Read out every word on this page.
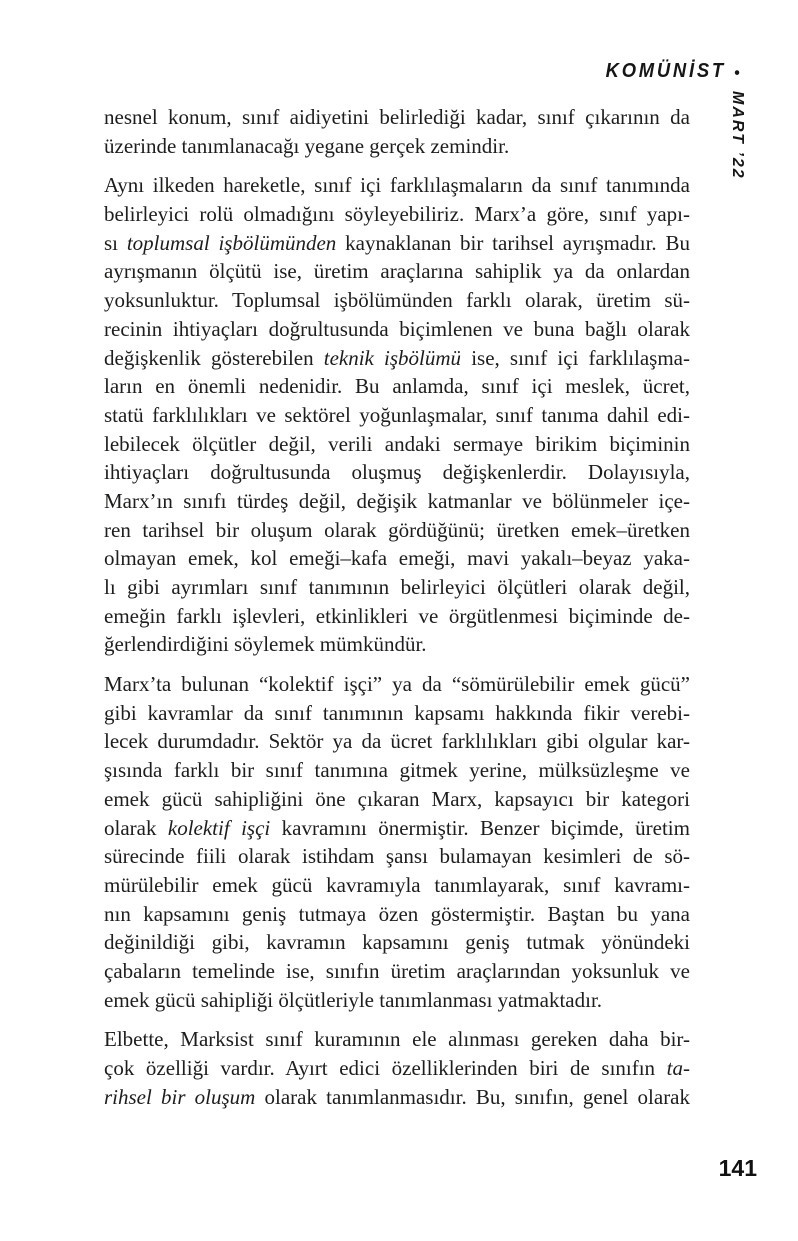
KOMÜNİST •
MART ’22
nesnel konum, sınıf aidiyetini belirlediği kadar, sınıf çıkarının da
üzerinde tanımlanacağı yegane gerçek zemindir.
Aynı ilkeden hareketle, sınıf içi farklılaşmaların da sınıf tanımında
belirleyici rolü olmadığını söyleyebiliriz. Marx’a göre, sınıf yapı-
sı toplumsal işbölümünden kaynaklanan bir tarihsel ayrışmadır. Bu
ayrışmanın ölçütü ise, üretim araçlarına sahiplik ya da onlardan
yoksunluktur. Toplumsal işbölümünden farklı olarak, üretim sü-
recinin ihtiyaçları doğrultusunda biçimlenen ve buna bağlı olarak
değişkenlik gösterebilen teknik işbölümü ise, sınıf içi farklılaşma-
ların en önemli nedenidir. Bu anlamda, sınıf içi meslek, ücret,
statü farklılıkları ve sektörel yoğunlaşmalar, sınıf tanıma dahil edi-
lebilecek ölçütler değil, verili andaki sermaye birikim biçiminin
ihtiyaçları doğrultusunda oluşmuş değişkenlerdir. Dolayısıyla,
Marx’ın sınıfı türdeş değil, değişik katmanlar ve bölünmeler içe-
ren tarihsel bir oluşum olarak gördüğünü; üretken emek–üretken
olmayan emek, kol emeği–kafa emeği, mavi yakalı–beyaz yaka-
lı gibi ayrımları sınıf tanımının belirleyici ölçütleri olarak değil,
emeğin farklı işlevleri, etkinlikleri ve örgütlenmesi biçiminde de-
ğerlendirdiğini söylemek mümkündür.
Marx’ta bulunan “kolektif işçi” ya da “sömürülebilir emek gücü”
gibi kavramlar da sınıf tanımının kapsamı hakkında fikir verebi-
lecek durumdadır. Sektör ya da ücret farklılıkları gibi olgular kar-
şısında farklı bir sınıf tanımına gitmek yerine, mülksüzleşme ve
emek gücü sahipliğini öne çıkaran Marx, kapsayıcı bir kategori
olarak kolektif işçi kavramını önermiştir. Benzer biçimde, üretim
sürecinde fiili olarak istihdam şansı bulamayan kesimleri de sö-
mürülebilir emek gücü kavramıyla tanımlayarak, sınıf kavramı-
nın kapsamını geniş tutmaya özen göstermiştir. Baştan bu yana
değinildiği gibi, kavramın kapsamını geniş tutmak yönündeki
çabaların temelinde ise, sınıfın üretim araçlarından yoksunluk ve
emek gücü sahipliği ölçütleriyle tanımlanması yatmaktadır.
Elbette, Marksist sınıf kuramının ele alınması gereken daha bir-
çok özelliği vardır. Ayırt edici özelliklerinden biri de sınıfın ta-
rihsel bir oluşum olarak tanımlanmasıdır. Bu, sınıfın, genel olarak
141
